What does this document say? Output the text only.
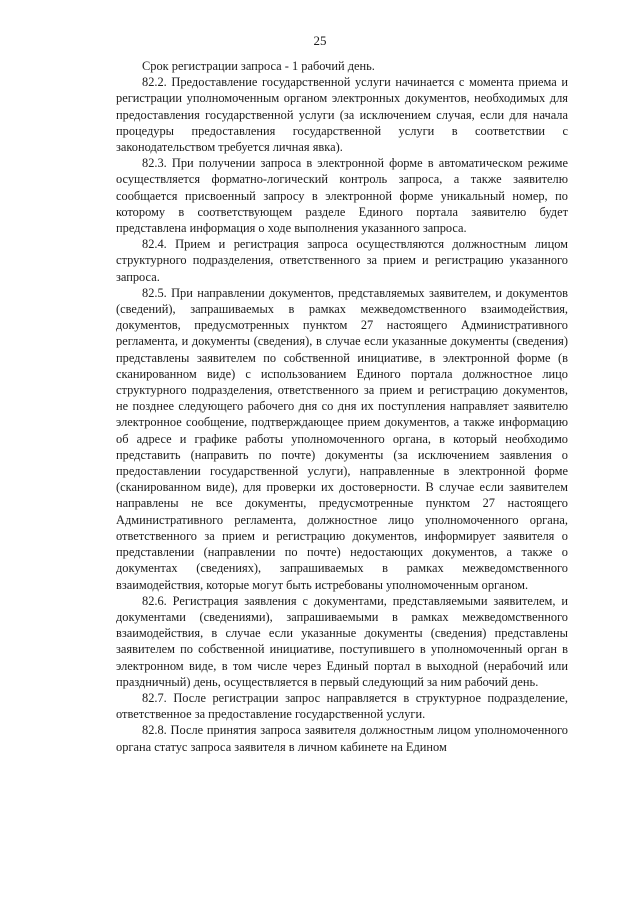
25

Срок регистрации запроса - 1 рабочий день.

82.2. Предоставление государственной услуги начинается с момента приема и регистрации уполномоченным органом электронных документов, необходимых для предоставления государственной услуги (за исключением случая, если для начала процедуры предоставления государственной услуги в соответствии с законодательством требуется личная явка).

82.3. При получении запроса в электронной форме в автоматическом режиме осуществляется форматно-логический контроль запроса, а также заявителю сообщается присвоенный запросу в электронной форме уникальный номер, по которому в соответствующем разделе Единого портала заявителю будет представлена информация о ходе выполнения указанного запроса.

82.4. Прием и регистрация запроса осуществляются должностным лицом структурного подразделения, ответственного за прием и регистрацию указанного запроса.

82.5. При направлении документов, представляемых заявителем, и документов (сведений), запрашиваемых в рамках межведомственного взаимодействия, документов, предусмотренных пунктом 27 настоящего Административного регламента, и документы (сведения), в случае если указанные документы (сведения) представлены заявителем по собственной инициативе, в электронной форме (в сканированном виде) с использованием Единого портала должностное лицо структурного подразделения, ответственного за прием и регистрацию документов, не позднее следующего рабочего дня со дня их поступления направляет заявителю электронное сообщение, подтверждающее прием документов, а также информацию об адресе и графике работы уполномоченного органа, в который необходимо представить (направить по почте) документы (за исключением заявления о предоставлении государственной услуги), направленные в электронной форме (сканированном виде), для проверки их достоверности. В случае если заявителем направлены не все документы, предусмотренные пунктом 27 настоящего Административного регламента, должностное лицо уполномоченного органа, ответственного за прием и регистрацию документов, информирует заявителя о представлении (направлении по почте) недостающих документов, а также о документах (сведениях), запрашиваемых в рамках межведомственного взаимодействия, которые могут быть истребованы уполномоченным органом.

82.6. Регистрация заявления с документами, представляемыми заявителем, и документами (сведениями), запрашиваемыми в рамках межведомственного взаимодействия, в случае если указанные документы (сведения) представлены заявителем по собственной инициативе, поступившего в уполномоченный орган в электронном виде, в том числе через Единый портал в выходной (нерабочий или праздничный) день, осуществляется в первый следующий за ним рабочий день.

82.7. После регистрации запрос направляется в структурное подразделение, ответственное за предоставление государственной услуги.

82.8. После принятия запроса заявителя должностным лицом уполномоченного органа статус запроса заявителя в личном кабинете на Едином
